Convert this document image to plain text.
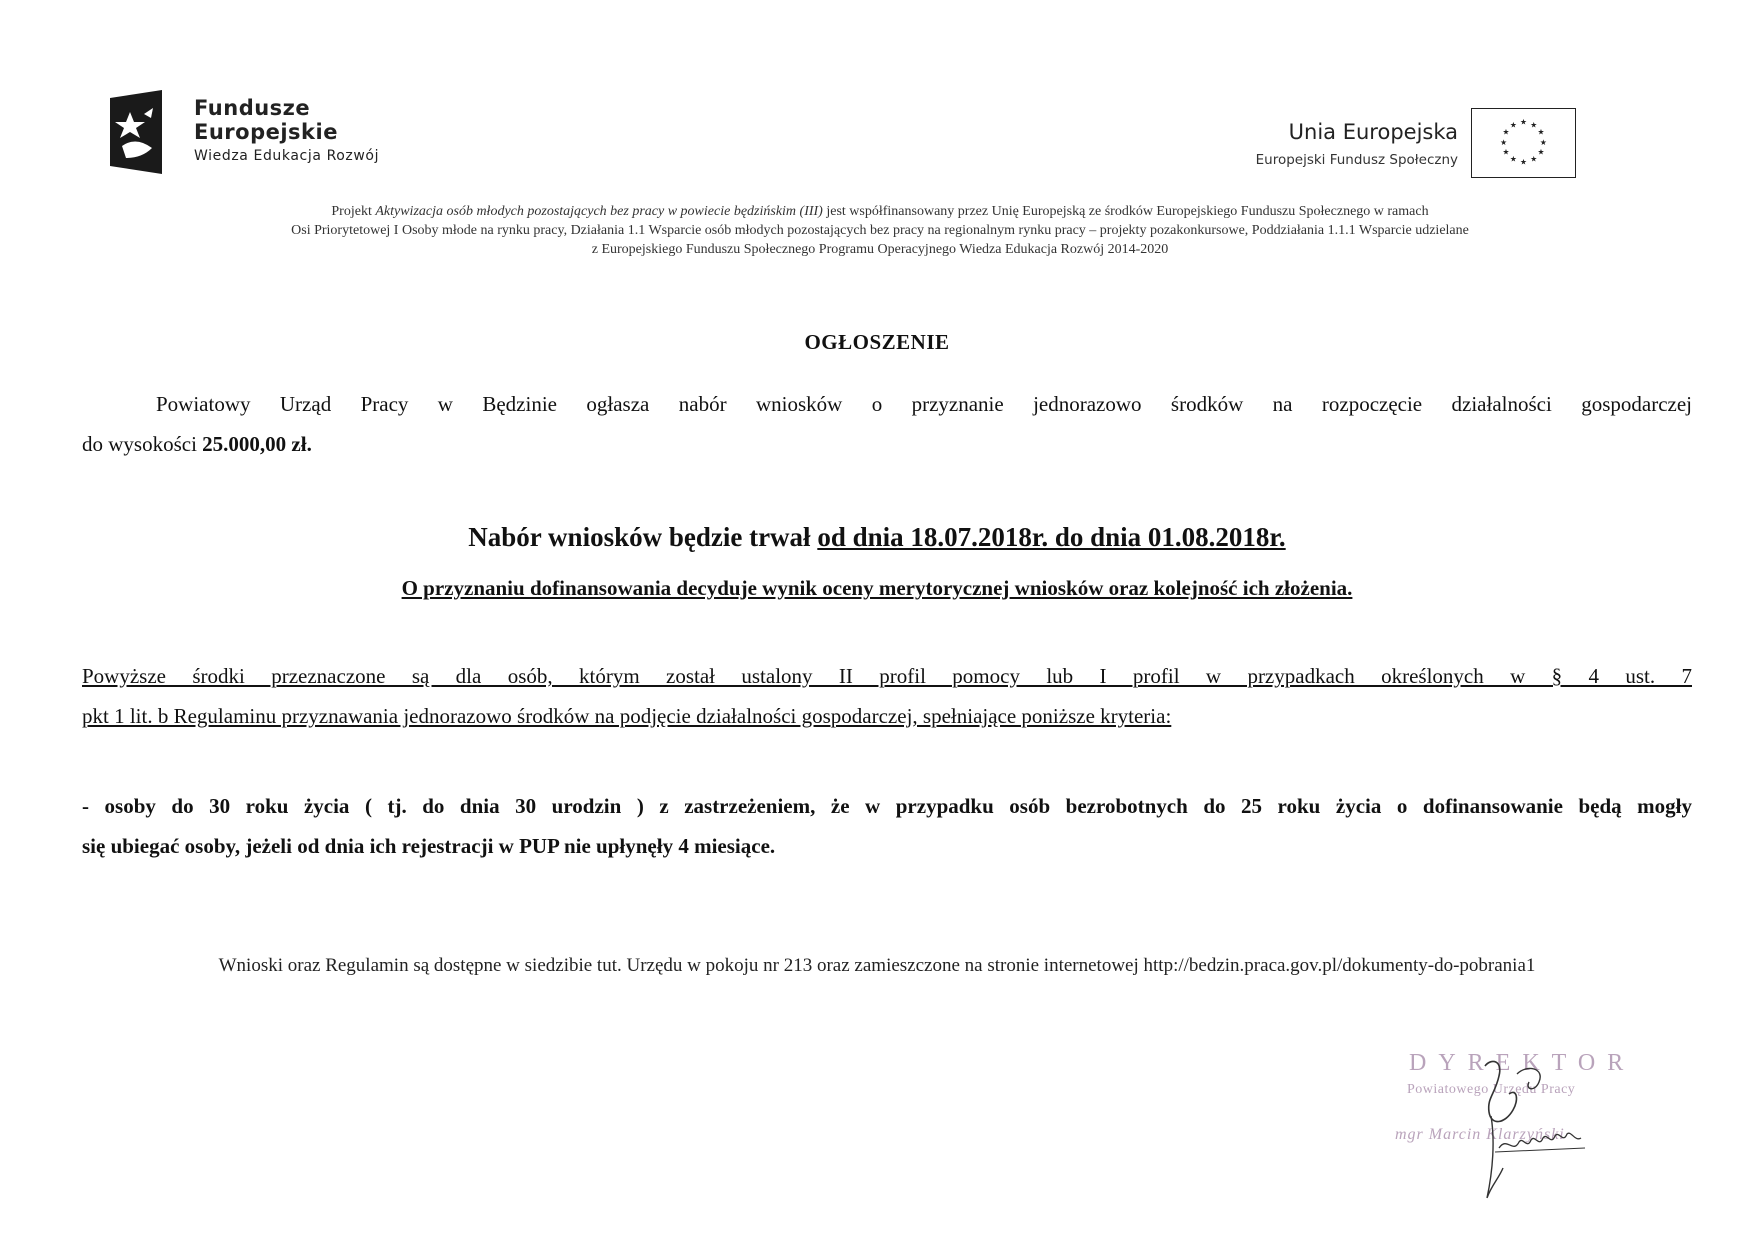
Fundusze
Europejskie
Wiedza Edukacja Rozwój
Unia Europejska
Europejski Fundusz Społeczny
★ ★
★
★
★
★
★
★
★
★
★
★
Projekt Aktywizacja osób młodych pozostających bez pracy w powiecie będzińskim (III) jest współfinansowany przez Unię Europejską ze środków Europejskiego Funduszu Społecznego w ramach
Osi Priorytetowej I Osoby młode na rynku pracy, Działania 1.1 Wsparcie osób młodych pozostających bez pracy na regionalnym rynku pracy – projekty pozakonkursowe, Poddziałania 1.1.1 Wsparcie udzielane
z Europejskiego Funduszu Społecznego Programu Operacyjnego Wiedza Edukacja Rozwój 2014-2020
OGŁOSZENIE
Powiatowy Urząd Pracy w Będzinie ogłasza nabór wniosków o przyznanie jednorazowo środków na rozpoczęcie działalności gospodarczej
do wysokości 25.000,00 zł.
Nabór wniosków będzie trwał od dnia 18.07.2018r. do dnia 01.08.2018r.
O przyznaniu dofinansowania decyduje wynik oceny merytorycznej wniosków oraz kolejność ich złożenia.
Powyższe środki przeznaczone są dla osób, którym został ustalony II profil pomocy lub I profil w przypadkach określonych w § 4 ust. 7
pkt 1 lit. b Regulaminu przyznawania jednorazowo środków na podjęcie działalności gospodarczej, spełniające poniższe kryteria:
- osoby do 30 roku życia ( tj. do dnia 30 urodzin ) z zastrzeżeniem, że w przypadku osób bezrobotnych do 25 roku życia o dofinansowanie będą mogły
się ubiegać osoby, jeżeli od dnia ich rejestracji w PUP nie upłynęły 4 miesiące.
Wnioski oraz Regulamin są dostępne w siedzibie tut. Urzędu w pokoju nr 213 oraz zamieszczone na stronie internetowej http://bedzin.praca.gov.pl/dokumenty-do-pobrania1
DYREKTOR
Powiatowego Urzędu Pracy
mgr Marcin Klarzyński
